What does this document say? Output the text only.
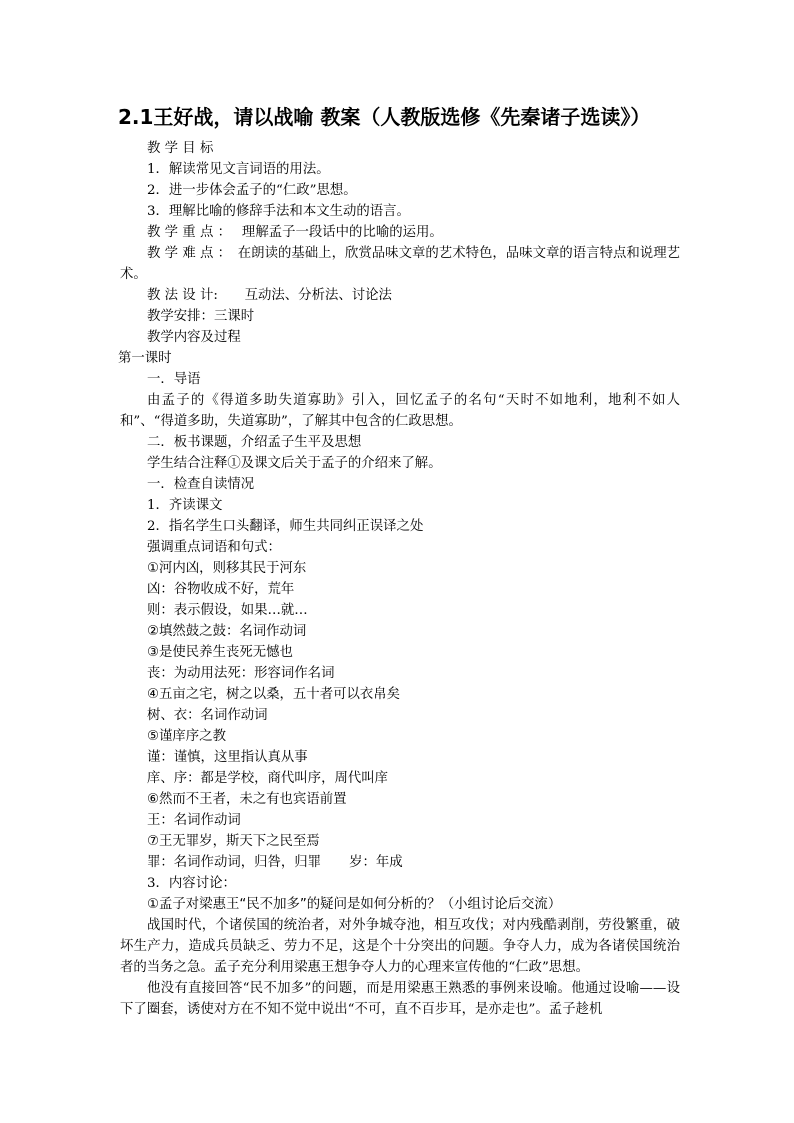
2.1王好战，请以战喻 教案（人教版选修《先秦诸子选读》）

教 学 目 标

1．解读常见文言词语的用法。

2．进一步体会孟子的“仁政”思想。

3．理解比喻的修辞手法和本文生动的语言。

教 学 重 点 ：　 理解孟子一段话中的比喻的运用。

教 学 难 点 ：　在朗读的基础上，欣赏品味文章的艺术特色，品味文章的语言特点和说理艺术。

教 法 设 计:　　互动法、分析法、讨论法

教学安排：三课时

教学内容及过程

第一课时

一．导语

由孟子的《得道多助失道寡助》引入，回忆孟子的名句“天时不如地利，地利不如人和”、“得道多助，失道寡助”，了解其中包含的仁政思想。

二．板书课题，介绍孟子生平及思想

学生结合注释①及课文后关于孟子的介绍来了解。

一．检查自读情况

1．齐读课文

2．指名学生口头翻译，师生共同纠正误译之处

强调重点词语和句式：

①河内凶，则移其民于河东

凶：谷物收成不好，荒年

则：表示假设，如果…就…

②填然鼓之鼓：名词作动词

③是使民养生丧死无憾也

丧：为动用法死：形容词作名词

④五亩之宅，树之以桑，五十者可以衣帛矣

树、衣：名词作动词

⑤谨庠序之教

谨：谨慎，这里指认真从事

庠、序：都是学校，商代叫序，周代叫庠

⑥然而不王者，未之有也宾语前置

王：名词作动词

⑦王无罪岁，斯天下之民至焉

罪：名词作动词，归咎，归罪 岁：年成

3．内容讨论：

①孟子对梁惠王“民不加多”的疑问是如何分析的？（小组讨论后交流）

战国时代，个诸侯国的统治者，对外争城夺池，相互攻伐；对内残酷剥削，劳役繁重，破坏生产力，造成兵员缺乏、劳力不足，这是个十分突出的问题。争夺人力，成为各诸侯国统治者的当务之急。孟子充分利用梁惠王想争夺人力的心理来宣传他的“仁政”思想。

他没有直接回答“民不加多”的问题，而是用梁惠王熟悉的事例来设喻。他通过设喻——设下了圈套，诱使对方在不知不觉中说出“不可，直不百步耳，是亦走也”。孟子趁机
